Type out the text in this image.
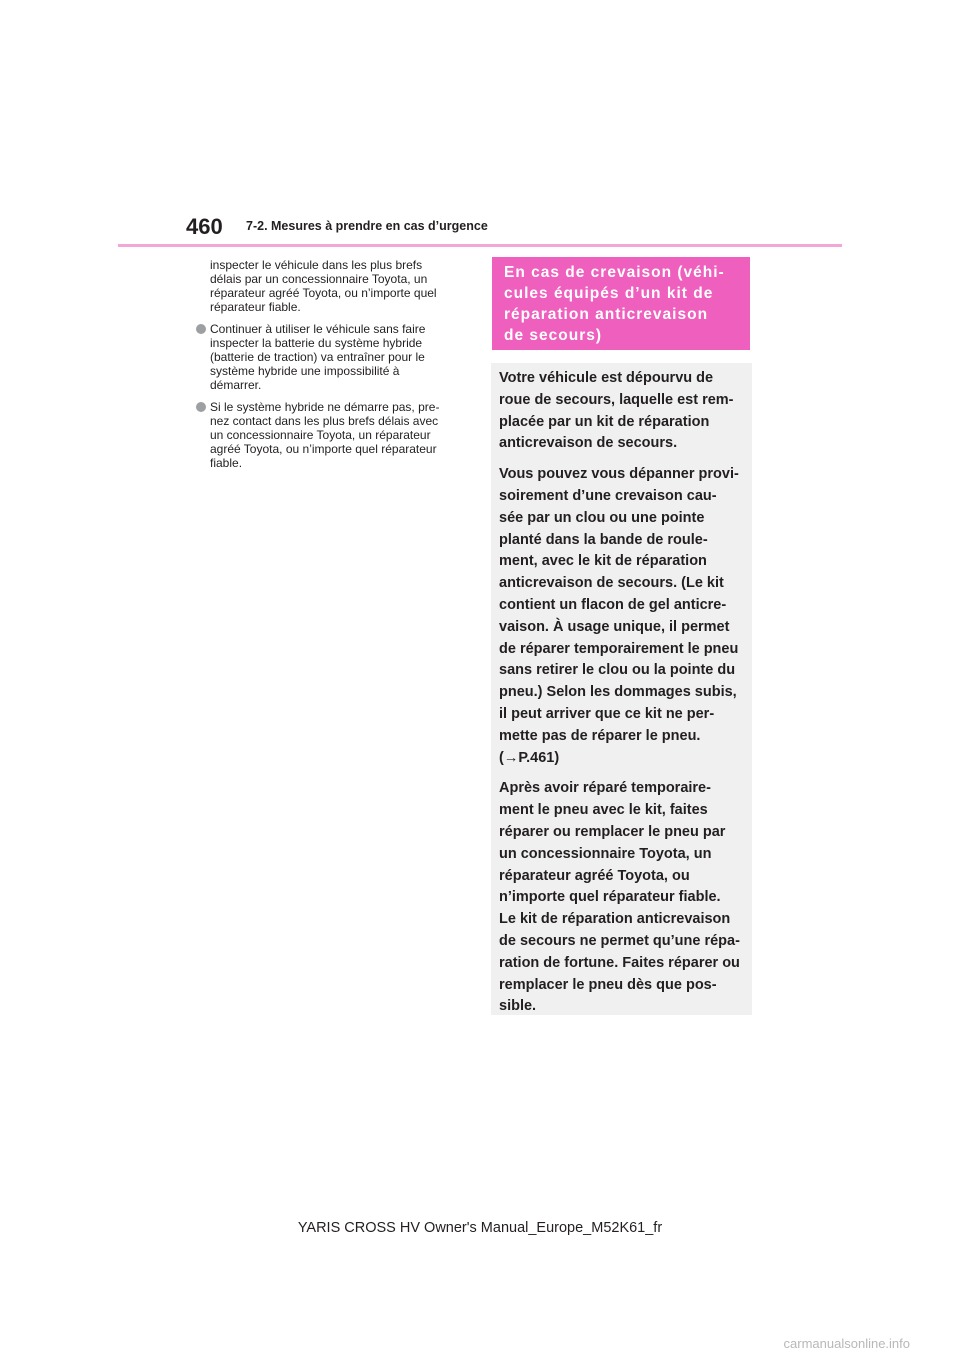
460 7-2. Mesures à prendre en cas d’urgence

inspecter le véhicule dans les plus brefs
délais par un concessionnaire Toyota, un
réparateur agréé Toyota, ou n’importe quel
réparateur fiable.

Continuer à utiliser le véhicule sans faire
inspecter la batterie du système hybride
(batterie de traction) va entraîner pour le
système hybride une impossibilité à
démarrer.
Si le système hybride ne démarre pas, pre-
nez contact dans les plus brefs délais avec
un concessionnaire Toyota, un réparateur
agréé Toyota, ou n’importe quel réparateur
fiable.
En cas de crevaison (véhi-
cules équipés d’un kit de
réparation anticrevaison
de secours)
Votre véhicule est dépourvu de
roue de secours, laquelle est rem-
placée par un kit de réparation
anticrevaison de secours.
Vous pouvez vous dépanner provi-
soirement d’une crevaison cau-
sée par un clou ou une pointe
planté dans la bande de roule-
ment, avec le kit de réparation
anticrevaison de secours. (Le kit
contient un flacon de gel anticre-
vaison. À usage unique, il permet
de réparer temporairement le pneu
sans retirer le clou ou la pointe du
pneu.) Selon les dommages subis,
il peut arriver que ce kit ne per-
mette pas de réparer le pneu.
(→P.461)
Après avoir réparé temporaire-
ment le pneu avec le kit, faites
réparer ou remplacer le pneu par
un concessionnaire Toyota, un
réparateur agréé Toyota, ou
n’importe quel réparateur fiable.
Le kit de réparation anticrevaison
de secours ne permet qu’une répa-
ration de fortune. Faites réparer ou
remplacer le pneu dès que pos-
sible.
YARIS CROSS HV Owner's Manual_Europe_M52K61_fr
carmanualsonline.info
